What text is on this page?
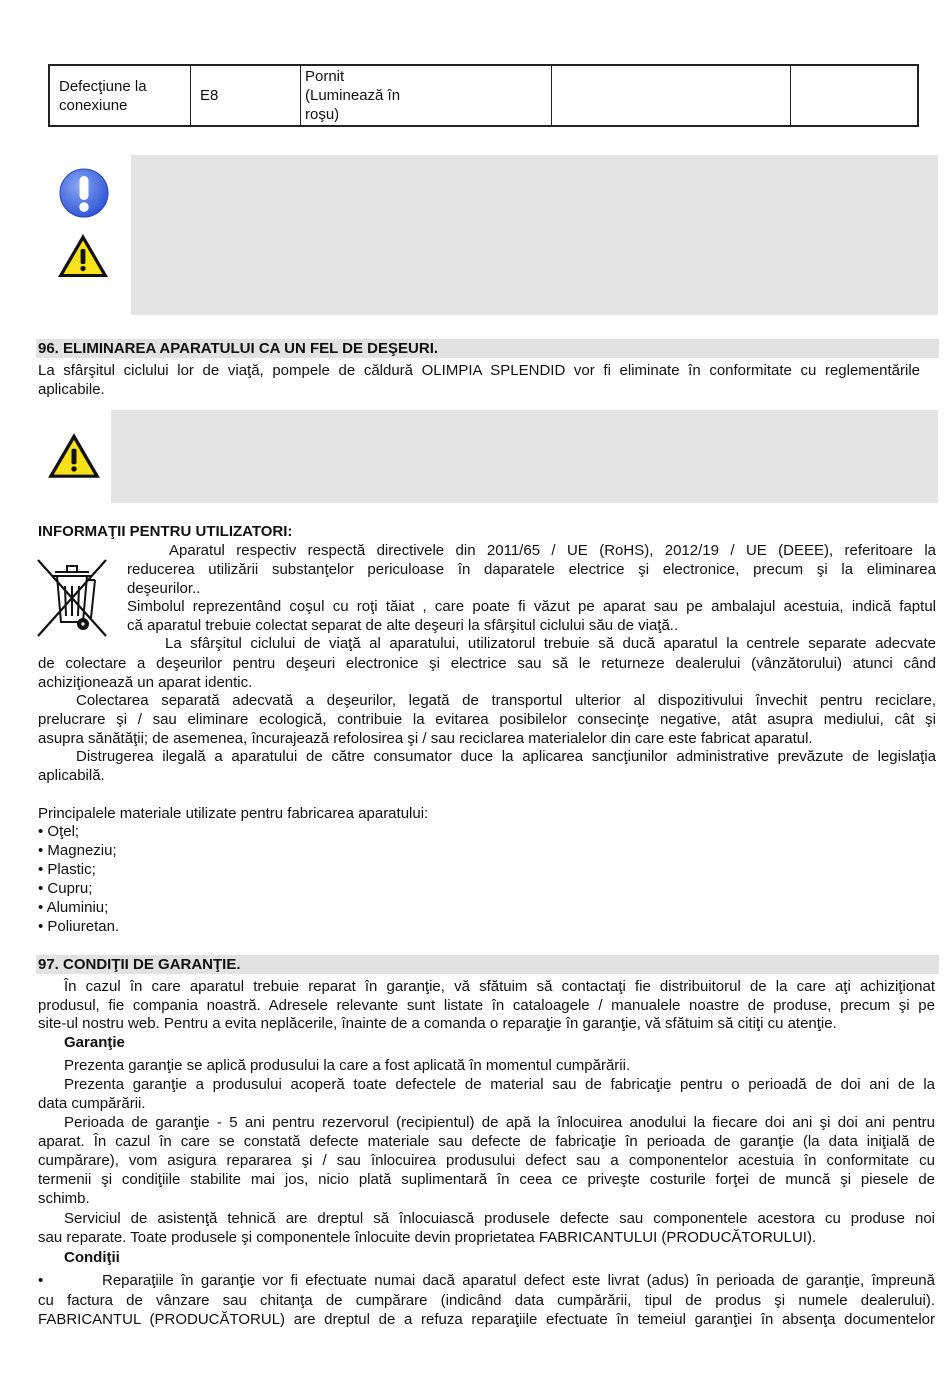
Defecţiune la conexiune
E8
Pornit (Luminează în roşu)
96. ELIMINAREA APARATULUI CA UN FEL DE DEŞEURI.
La sfârşitul ciclului lor de viaţă, pompele de căldură OLIMPIA SPLENDID vor fi eliminate în conformitate cu reglementările
aplicabile.
INFORMAŢII PENTRU UTILIZATORI:
Aparatul respectiv respectă directivele din 2011/65 / UE (RoHS), 2012/19 / UE (DEEE), referitoare la
reducerea utilizării substanţelor periculoase în daparatele electrice şi electronice, precum şi la eliminarea
deşeurilor..
Simbolul reprezentând coşul cu roţi tăiat , care poate fi văzut pe aparat sau pe ambalajul acestuia, indică faptul
că aparatul trebuie colectat separat de alte deşeuri la sfârşitul ciclului său de viaţă..
La sfârşitul ciclului de viaţă al aparatului, utilizatorul trebuie să ducă aparatul la centrele separate adecvate
de colectare a deşeurilor pentru deşeuri electronice şi electrice sau să le returneze dealerului (vânzătorului) atunci când
achiziţionează un aparat identic.
Colectarea separată adecvată a deşeurilor, legată de transportul ulterior al dispozitivului învechit pentru reciclare,
prelucrare şi / sau eliminare ecologică, contribuie la evitarea posibilelor consecinţe negative, atât asupra mediului, cât şi
asupra sănătăţii; de asemenea, încurajează refolosirea şi / sau reciclarea materialelor din care este fabricat aparatul.
Distrugerea ilegală a aparatului de către consumator duce la aplicarea sancţiunilor administrative prevăzute de legislaţia
aplicabilă.
Principalele materiale utilizate pentru fabricarea aparatului:
• Oţel;
• Magneziu;
• Plastic;
• Cupru;
• Aluminiu;
• Poliuretan.
97. CONDIŢII DE GARANŢIE.
În cazul în care aparatul trebuie reparat în garanţie, vă sfătuim să contactaţi fie distribuitorul de la care aţi achiziţionat
produsul, fie compania noastră. Adresele relevante sunt listate în cataloagele / manualele noastre de produse, precum şi pe
site-ul nostru web. Pentru a evita neplăcerile, înainte de a comanda o reparaţie în garanţie, vă sfătuim să citiţi cu atenţie.
Garanţie
Prezenta garanţie se aplică produsului la care a fost aplicată în momentul cumpărării.
Prezenta garanţie a produsului acoperă toate defectele de material sau de fabricaţie pentru o perioadă de doi ani de la
data cumpărării.
Perioada de garanţie - 5 ani pentru rezervorul (recipientul) de apă la înlocuirea anodului la fiecare doi ani şi doi ani pentru
aparat. În cazul în care se constată defecte materiale sau defecte de fabricaţie în perioada de garanţie (la data iniţială de
cumpărare), vom asigura repararea şi / sau înlocuirea produsului defect sau a componentelor acestuia în conformitate cu
termenii şi condiţiile stabilite mai jos, nicio plată suplimentară în ceea ce priveşte costurile forţei de muncă şi piesele de
schimb.
Serviciul de asistenţă tehnică are dreptul să înlocuiască produsele defecte sau componentele acestora cu produse noi
sau reparate. Toate produsele şi componentele înlocuite devin proprietatea FABRICANTULUI (PRODUCĂTORULUI).
Condiţii
•	Reparaţiile în garanţie vor fi efectuate numai dacă aparatul defect este livrat (adus) în perioada de garanţie, împreună
cu factura de vânzare sau chitanţa de cumpărare (indicând data cumpărării, tipul de produs şi numele dealerului).
FABRICANTUL (PRODUCĂTORUL) are dreptul de a refuza reparaţiile efectuate în temeiul garanţiei în absenţa documentelor
